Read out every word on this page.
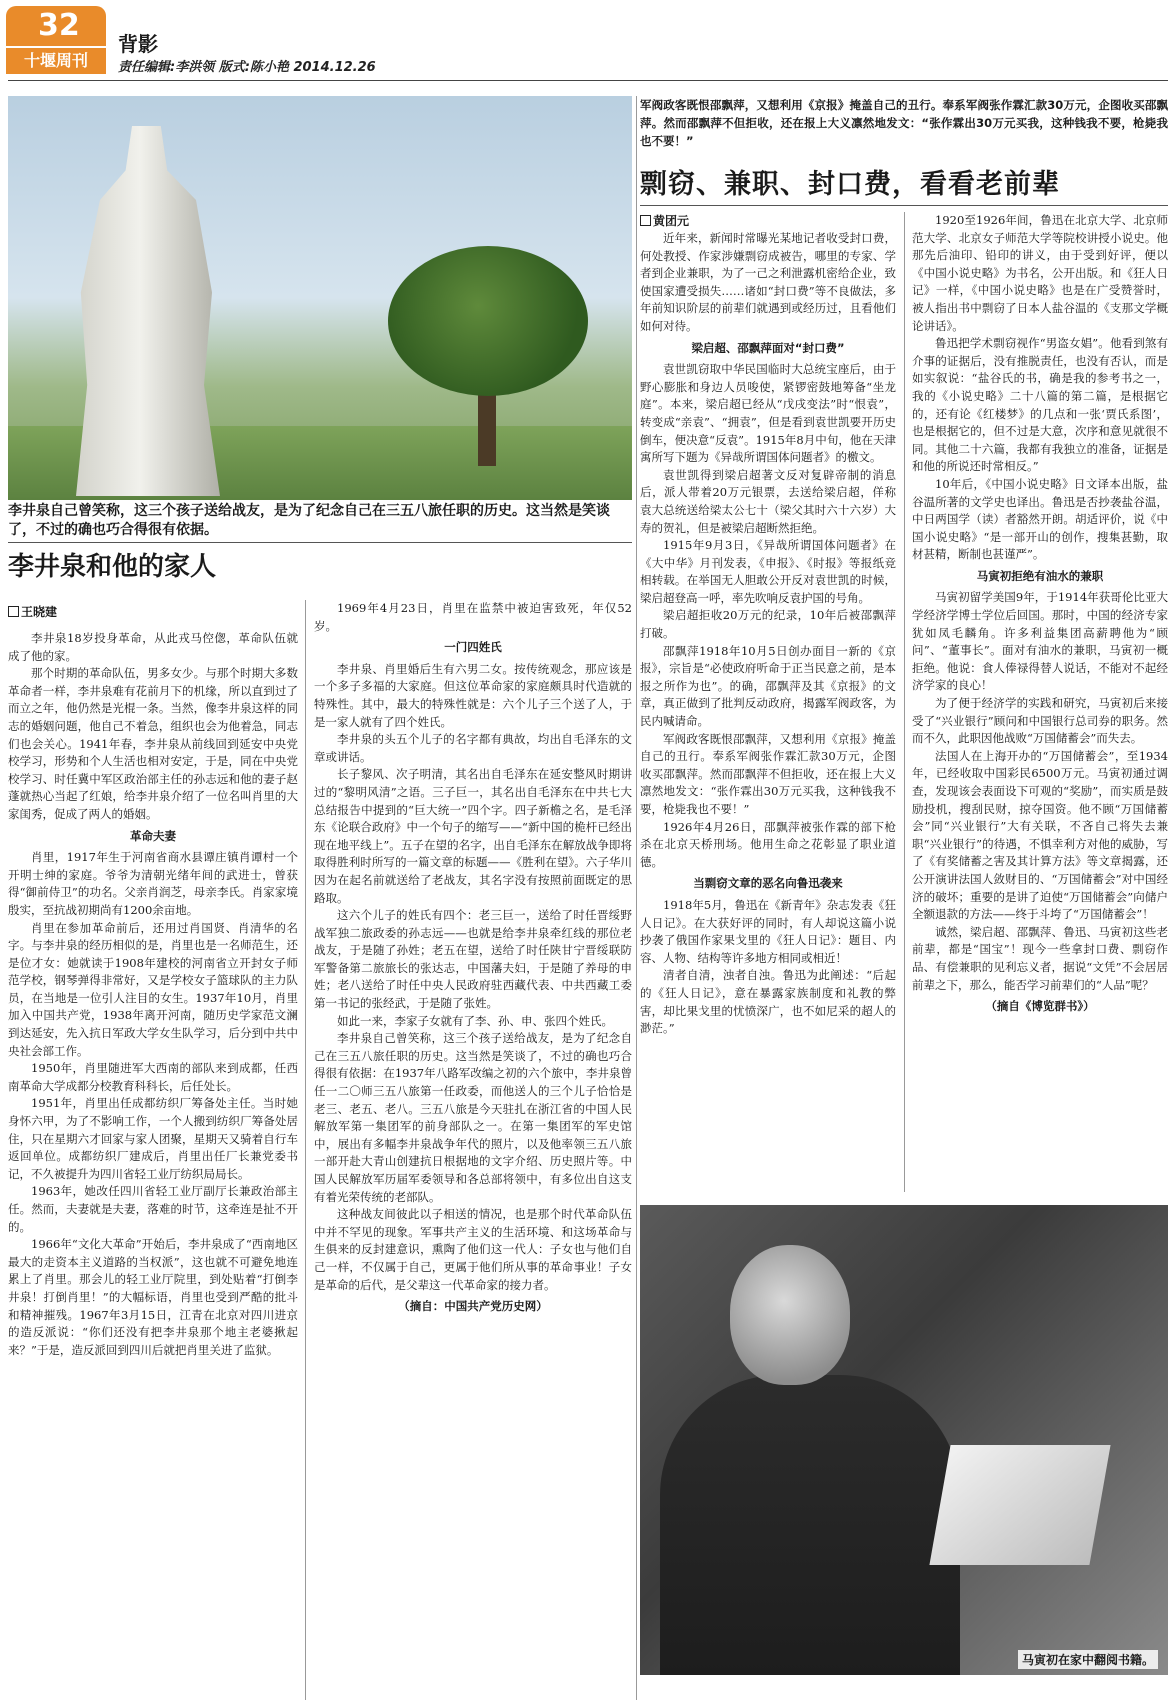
32
十堰周刊
背影
责任编辑:李洪领 版式:陈小艳 2014.12.26
李井泉自己曾笑称，这三个孩子送给战友，是为了纪念自己在三五八旅任职的历史。这当然是笑谈了，不过的确也巧合得很有依据。
李井泉和他的家人
王晓建

李井泉18岁投身革命，从此戎马倥偬，革命队伍就成了他的家。

那个时期的革命队伍，男多女少。与那个时期大多数革命者一样，李井泉难有花前月下的机缘，所以直到过了而立之年，他仍然是光棍一条。当然，像李井泉这样的同志的婚姻问题，他自己不着急，组织也会为他着急，同志们也会关心。1941年春，李井泉从前线回到延安中央党校学习，形势和个人生活也相对安定，于是，同在中央党校学习、时任冀中军区政治部主任的孙志远和他的妻子赵蓬就热心当起了红娘，给李井泉介绍了一位名叫肖里的大家闺秀，促成了两人的婚姻。

革命夫妻

肖里，1917年生于河南省商水县谭庄镇肖谭村一个开明士绅的家庭。爷爷为清朝光绪年间的武进士，曾获得“御前侍卫”的功名。父亲肖润芝，母亲李氏。肖家家境殷实，至抗战初期尚有1200余亩地。

肖里在参加革命前后，还用过肖国贤、肖清华的名字。与李井泉的经历相似的是，肖里也是一名师范生，还是位才女：她就读于1908年建校的河南省立开封女子师范学校，钢琴弹得非常好，又是学校女子篮球队的主力队员，在当地是一位引人注目的女生。1937年10月，肖里加入中国共产党，1938年离开河南，随历史学家范文澜到达延安，先入抗日军政大学女生队学习，后分到中共中央社会部工作。

1950年，肖里随进军大西南的部队来到成都，任西南革命大学成都分校教育科科长，后任处长。

1951年，肖里出任成都纺织厂筹备处主任。当时她身怀六甲，为了不影响工作，一个人搬到纺织厂筹备处居住，只在星期六才回家与家人团聚，星期天又骑着自行车返回单位。成都纺织厂建成后，肖里出任厂长兼党委书记，不久被提升为四川省轻工业厅纺织局局长。

1963年，她改任四川省轻工业厅副厅长兼政治部主任。然而，夫妻就是夫妻，落难的时节，这牵连是扯不开的。

1966年“文化大革命”开始后，李井泉成了“西南地区最大的走资本主义道路的当权派”，这也就不可避免地连累上了肖里。那会儿的轻工业厅院里，到处贴着“打倒李井泉！打倒肖里！”的大幅标语，肖里也受到严酷的批斗和精神摧残。1967年3月15日，江青在北京对四川进京的造反派说：“你们还没有把李井泉那个地主老婆揪起来？”于是，造反派回到四川后就把肖里关进了监狱。

1969年4月23日，肖里在监禁中被迫害致死，年仅52岁。

一门四姓氏

李井泉、肖里婚后生有六男二女。按传统观念，那应该是一个多子多福的大家庭。但这位革命家的家庭颇具时代造就的特殊性。其中，最大的特殊性就是：六个儿子三个送了人，于是一家人就有了四个姓氏。

李井泉的头五个儿子的名字都有典故，均出自毛泽东的文章或讲话。

长子黎风、次子明清，其名出自毛泽东在延安整风时期讲过的“黎明风清”之语。三子巨一，其名出自毛泽东在中共七大总结报告中提到的“巨大统一”四个字。四子新檐之名，是毛泽东《论联合政府》中一个句子的缩写——“新中国的桅杆已经出现在地平线上”。五子在望的名字，出自毛泽东在解放战争即将取得胜利时所写的一篇文章的标题——《胜利在望》。六子华川因为在起名前就送给了老战友，其名字没有按照前面既定的思路取。

这六个儿子的姓氏有四个：老三巨一，送给了时任晋绥野战军独二旅政委的孙志远——也就是给李井泉牵红线的那位老战友，于是随了孙姓；老五在望，送给了时任陕甘宁晋绥联防军警备第二旅旅长的张达志，中国藩夫妇，于是随了养母的申姓；老八送给了时任中央人民政府驻西藏代表、中共西藏工委第一书记的张经武，于是随了张姓。

如此一来，李家子女就有了李、孙、申、张四个姓氏。

李井泉自己曾笑称，这三个孩子送给战友，是为了纪念自己在三五八旅任职的历史。这当然是笑谈了，不过的确也巧合得很有依据：在1937年八路军改编之初的六个旅中，李井泉曾任一二〇师三五八旅第一任政委，而他送人的三个儿子恰恰是老三、老五、老八。三五八旅是今天驻扎在浙江省的中国人民解放军第一集团军的前身部队之一。在第一集团军的军史馆中，展出有多幅李井泉战争年代的照片，以及他率领三五八旅一部开赴大青山创建抗日根据地的文字介绍、历史照片等。中国人民解放军历届军委领导和各总部将领中，有多位出自这支有着光荣传统的老部队。

这种战友间彼此以子相送的情况，也是那个时代革命队伍中并不罕见的现象。军事共产主义的生活环境、和这场革命与生俱来的反封建意识，熏陶了他们这一代人：子女也与他们自己一样，不仅属于自己，更属于他们所从事的革命事业！子女是革命的后代，是父辈这一代革命家的接力者。

（摘自：中国共产党历史网）
军阀政客既恨邵飘萍，又想利用《京报》掩盖自己的丑行。奉系军阀张作霖汇款30万元，企图收买邵飘萍。然而邵飘萍不但拒收，还在报上大义凛然地发文：“张作霖出30万元买我，这种钱我不要，枪毙我也不要！”
剽窃、兼职、封口费，看看老前辈
黄团元

近年来，新闻时常曝光某地记者收受封口费，何处教授、作家涉嫌剽窃成被告，哪里的专家、学者到企业兼职，为了一己之利泄露机密给企业，致使国家遭受损失……诸如“封口费”等不良做法，多年前知识阶层的前辈们就遇到或经历过，且看他们如何对待。

梁启超、邵飘萍面对“封口费”

袁世凯窃取中华民国临时大总统宝座后，由于野心膨胀和身边人员唆使，紧锣密鼓地筹备“坐龙庭”。本来，梁启超已经从“戊戌变法”时“恨袁”，转变成“亲袁”、“拥袁”，但是看到袁世凯要开历史倒车，便决意“反袁”。1915年8月中旬，他在天津寓所写下题为《异哉所谓国体问题者》的檄文。

袁世凯得到梁启超著文反对复辟帝制的消息后，派人带着20万元银票，去送给梁启超，佯称袁大总统送给梁太公七十（梁父其时六十六岁）大寿的贺礼，但是被梁启超断然拒绝。

1915年9月3日，《异哉所谓国体问题者》在《大中华》月刊发表，《申报》、《时报》等报纸竞相转载。在举国无人胆敢公开反对袁世凯的时候，梁启超登高一呼，率先吹响反袁护国的号角。

梁启超拒收20万元的纪录，10年后被邵飘萍打破。

邵飘萍1918年10月5日创办面目一新的《京报》，宗旨是“必使政府听命于正当民意之前，是本报之所作为也”。的确，邵飘萍及其《京报》的文章，真正做到了批判反动政府，揭露军阀政客，为民内喊请命。

军阀政客既恨邵飘萍，又想利用《京报》掩盖自己的丑行。奉系军阀张作霖汇款30万元，企图收买邵飘萍。然而邵飘萍不但拒收，还在报上大义凛然地发文：“张作霖出30万元买我，这种钱我不要，枪毙我也不要！”

1926年4月26日，邵飘萍被张作霖的部下枪杀在北京天桥刑场。他用生命之花彰显了职业道德。

当剽窃文章的恶名向鲁迅袭来

1918年5月，鲁迅在《新青年》杂志发表《狂人日记》。在大获好评的同时，有人却说这篇小说抄袭了俄国作家果戈里的《狂人日记》：题目、内容、人物、结构等许多地方相同或相近！

清者自清，浊者自浊。鲁迅为此阐述：“后起的《狂人日记》，意在暴露家族制度和礼教的弊害，却比果戈里的忧愤深广，也不如尼采的超人的渺茫。”

1920至1926年间，鲁迅在北京大学、北京师范大学、北京女子师范大学等院校讲授小说史。他那先后油印、铅印的讲义，由于受到好评，便以《中国小说史略》为书名，公开出版。和《狂人日记》一样，《中国小说史略》也是在广受赞誉时，被人指出书中剽窃了日本人盐谷温的《支那文学概论讲话》。

鲁迅把学术剽窃视作“男盗女娼”。他看到煞有介事的证据后，没有推脱责任，也没有否认，而是如实叙说：“盐谷氏的书，确是我的参考书之一，我的《小说史略》二十八篇的第二篇，是根据它的，还有论《红楼梦》的几点和一张‘贾氏系图’，也是根据它的，但不过是大意，次序和意见就很不同。其他二十六篇，我都有我独立的准备，证据是和他的所说还时常相反。”

10年后，《中国小说史略》日文译本出版，盐谷温所著的文学史也译出。鲁迅是否抄袭盐谷温，中日两国学（读）者豁然开朗。胡适评价，说《中国小说史略》“是一部开山的创作，搜集甚勤，取材甚精，断制也甚谨严”。

马寅初拒绝有油水的兼职

马寅初留学美国9年，于1914年获哥伦比亚大学经济学博士学位后回国。那时，中国的经济专家犹如凤毛麟角。许多利益集团高薪聘他为“顾问”、“董事长”。面对有油水的兼职，马寅初一概拒绝。他说：食人俸禄得替人说话，不能对不起经济学家的良心！

为了便于经济学的实践和研究，马寅初后来接受了“兴业银行”顾问和中国银行总司券的职务。然而不久，此职因他战败“万国储蓄会”而失去。

法国人在上海开办的“万国储蓄会”，至1934年，已经收取中国彩民6500万元。马寅初通过调查，发现该会表面设下可观的“奖励”，而实质是鼓励投机，搜刮民财，掠夺国资。他不顾“万国储蓄会”同“兴业银行”大有关联，不吝自己将失去兼职“兴业银行”的待遇，不惧幸利方对他的威胁，写了《有奖储蓄之害及其计算方法》等文章揭露，还公开演讲法国人敛财目的、“万国储蓄会”对中国经济的破坏；重要的是讲了迫使“万国储蓄会”向储户全额退款的方法——终于斗垮了“万国储蓄会”！

诚然，梁启超、邵飘萍、鲁迅、马寅初这些老前辈，都是“国宝”！现今一些拿封口费、剽窃作品、有偿兼职的见利忘义者，据说“文凭”不会居居前辈之下，那么，能否学习前辈们的“人品”呢？

（摘自《博览群书》）
马寅初在家中翻阅书籍。
